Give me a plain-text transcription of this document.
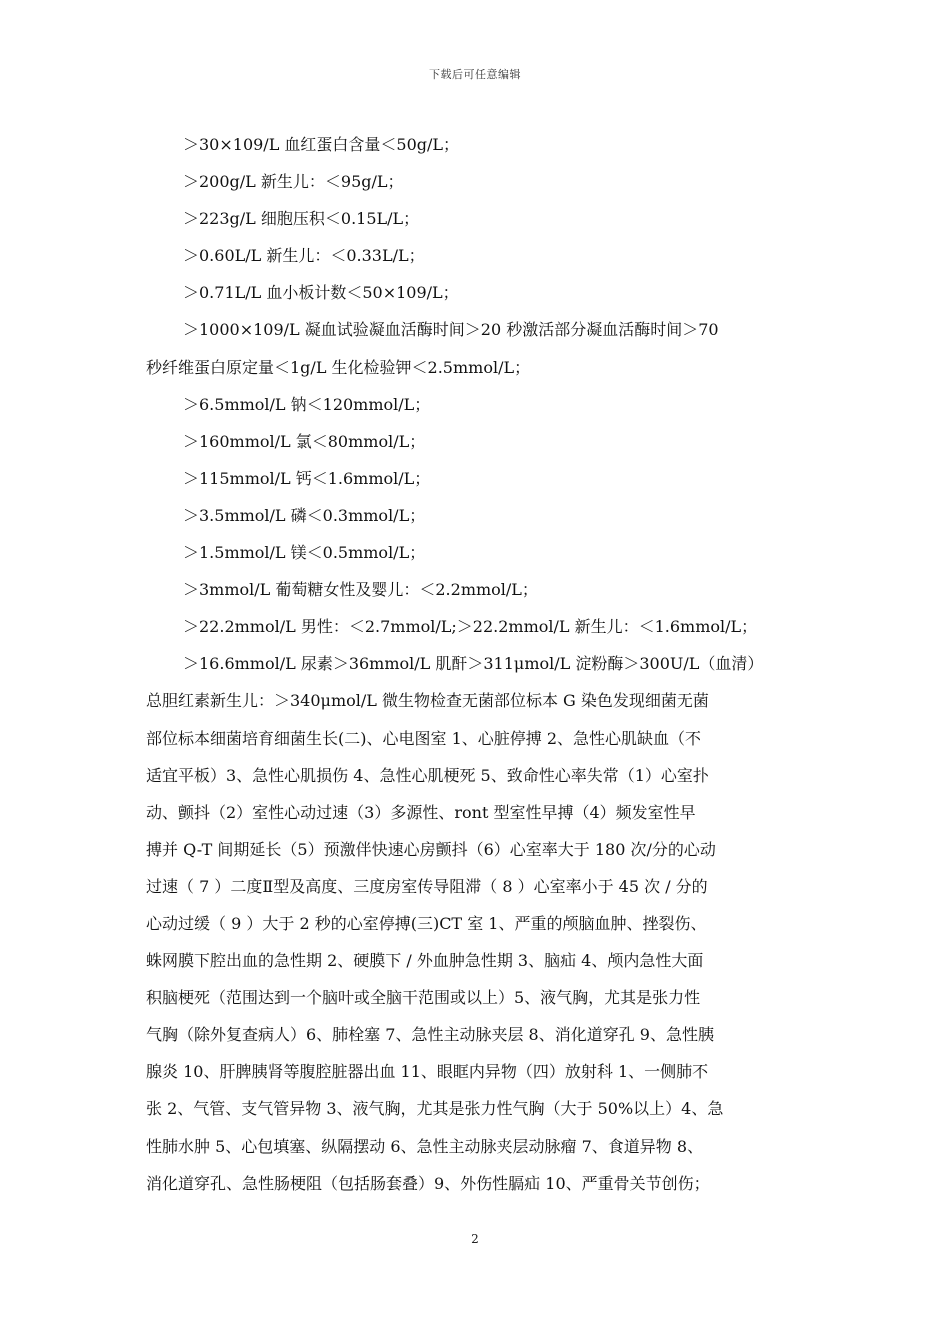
下载后可任意编辑
＞30×109/L 血红蛋白含量＜50g/L；
＞200g/L 新生儿：＜95g/L；
＞223g/L 细胞压积＜0.15L/L；
＞0.60L/L 新生儿：＜0.33L/L；
＞0.71L/L 血小板计数＜50×109/L；
＞1000×109/L 凝血试验凝血活酶时间＞20 秒激活部分凝血活酶时间＞70
秒纤维蛋白原定量＜1g/L 生化检验钾＜2.5mmol/L；
＞6.5mmol/L 钠＜120mmol/L；
＞160mmol/L 氯＜80mmol/L；
＞115mmol/L 钙＜1.6mmol/L；
＞3.5mmol/L 磷＜0.3mmol/L；
＞1.5mmol/L 镁＜0.5mmol/L；
＞3mmol/L 葡萄糖女性及婴儿：＜2.2mmol/L；
＞22.2mmol/L 男性：＜2.7mmol/L;＞22.2mmol/L 新生儿：＜1.6mmol/L；
＞16.6mmol/L 尿素＞36mmol/L 肌酐＞311μmol/L 淀粉酶＞300U/L（血清）
总胆红素新生儿：＞340μmol/L 微生物检查无菌部位标本 G 染色发现细菌无菌
部位标本细菌培育细菌生长(二)、心电图室 1、心脏停搏 2、急性心肌缺血（不
适宜平板）3、急性心肌损伤 4、急性心肌梗死 5、致命性心率失常（1）心室扑
动、颤抖（2）室性心动过速（3）多源性、ront 型室性早搏（4）频发室性早
搏并 Q-T 间期延长（5）预激伴快速心房颤抖（6）心室率大于 180 次/分的心动
过速（ 7 ）二度Ⅱ型及高度、三度房室传导阻滞（ 8 ）心室率小于 45 次 / 分的
心动过缓（ 9 ）大于 2 秒的心室停搏(三)CT 室 1、严重的颅脑血肿、挫裂伤、
蛛网膜下腔出血的急性期 2、硬膜下 / 外血肿急性期 3、脑疝 4、颅内急性大面
积脑梗死（范围达到一个脑叶或全脑干范围或以上）5、液气胸，尤其是张力性
气胸（除外复查病人）6、肺栓塞 7、急性主动脉夹层 8、消化道穿孔 9、急性胰
腺炎 10、肝脾胰肾等腹腔脏器出血 11、眼眶内异物（四）放射科 1、一侧肺不
张 2、气管、支气管异物 3、液气胸，尤其是张力性气胸（大于 50%以上）4、急
性肺水肿 5、心包填塞、纵隔摆动 6、急性主动脉夹层动脉瘤 7、食道异物 8、
消化道穿孔、急性肠梗阻（包括肠套叠）9、外伤性膈疝 10、严重骨关节创伤；
2
